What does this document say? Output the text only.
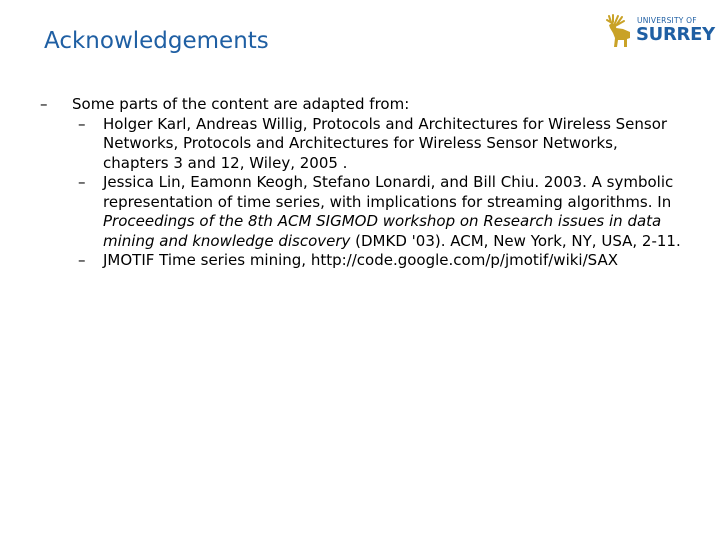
Acknowledgements
UNIVERSITY OF
SURREY
– Some parts of the content are adapted from:
– Holger Karl, Andreas Willig, Protocols and Architectures for Wireless Sensor Networks, Protocols and Architectures for Wireless Sensor Networks, chapters 3 and 12, Wiley, 2005 .
– Jessica Lin, Eamonn Keogh, Stefano Lonardi, and Bill Chiu. 2003. A symbolic representation of time series, with implications for streaming algorithms. In Proceedings of the 8th ACM SIGMOD workshop on Research issues in data mining and knowledge discovery (DMKD '03). ACM, New York, NY, USA, 2-11.
– JMOTIF Time series mining, http://code.google.com/p/jmotif/wiki/SAX
